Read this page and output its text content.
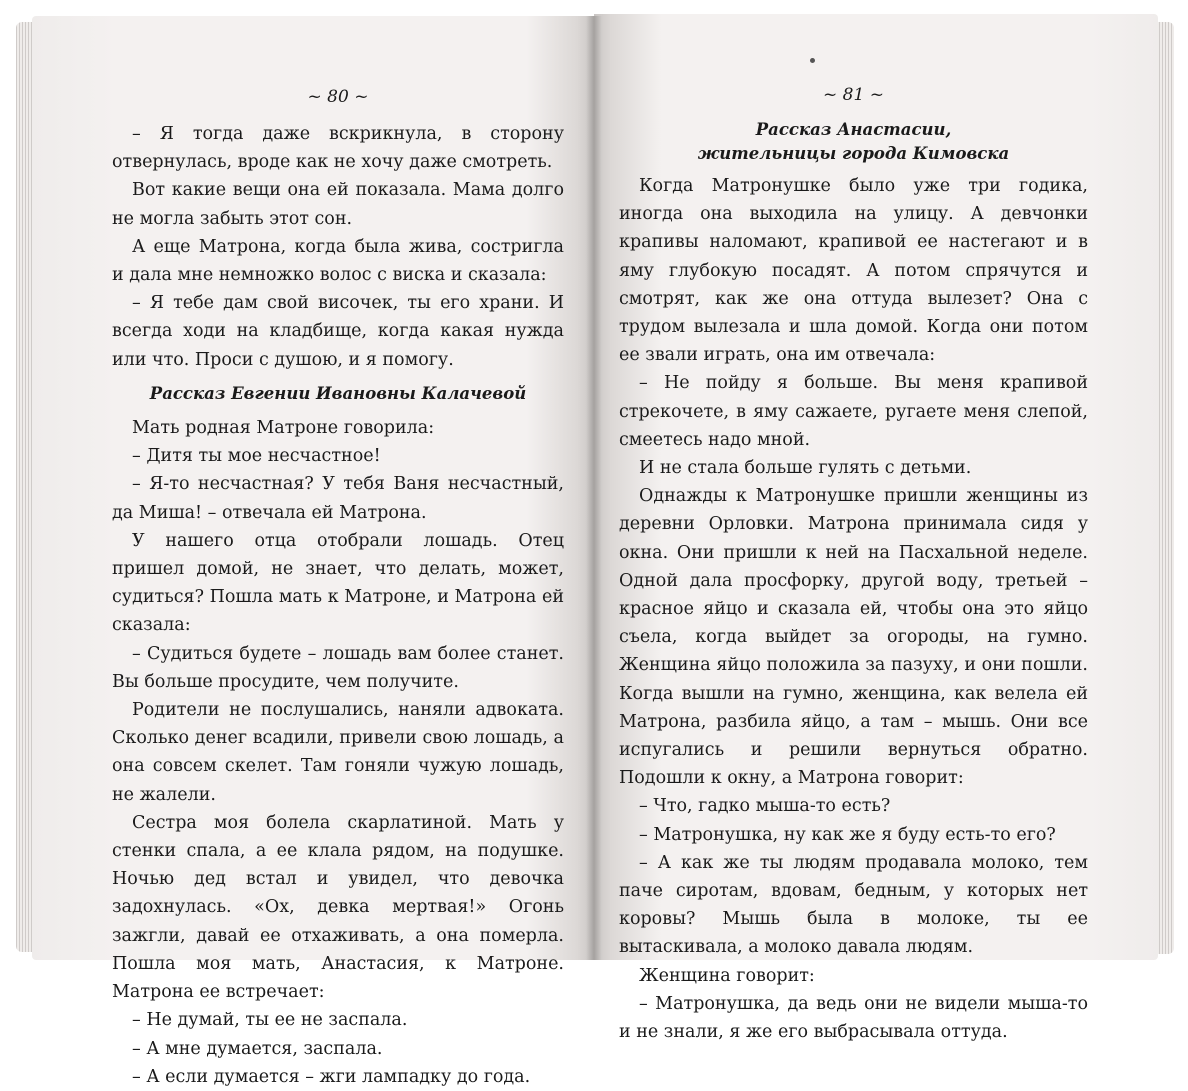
~ 80 ~

– Я тогда даже вскрикнула, в сторону отвернулась, вроде как не хочу даже смотреть.

Вот какие вещи она ей показала. Мама долго не могла забыть этот сон.

А еще Матрона, когда была жива, состригла и дала мне немножко волос с виска и сказала:

– Я тебе дам свой височек, ты его храни. И всегда ходи на кладбище, когда какая нужда или что. Проси с душою, и я помогу.

Рассказ Евгении Ивановны Калачевой

Мать родная Матроне говорила:

– Дитя ты мое несчастное!

– Я-то несчастная? У тебя Ваня несчастный, да Миша! – отвечала ей Матрона.

У нашего отца отобрали лошадь. Отец пришел домой, не знает, что делать, может, судиться? Пошла мать к Матроне, и Матрона ей сказала:

– Судиться будете – лошадь вам более станет. Вы больше просудите, чем получите.

Родители не послушались, наняли адвоката. Сколько денег всадили, привели свою лошадь, а она совсем скелет. Там гоняли чужую лошадь, не жалели.

Сестра моя болела скарлатиной. Мать у стенки спала, а ее клала рядом, на подушке. Ночью дед встал и увидел, что девочка задохнулась. «Ох, девка мертвая!» Огонь зажгли, давай ее отхаживать, а она померла. Пошла моя мать, Анастасия, к Матроне. Матрона ее встречает:

– Не думай, ты ее не заспала.

– А мне думается, заспала.

– А если думается – жги лампадку до года.

~ 81 ~

Рассказ Анастасии,

жительницы города Кимовска

Когда Матронушке было уже три годика, иногда она выходила на улицу. А девчонки крапивы наломают, крапивой ее настегают и в яму глубокую посадят. А потом спрячутся и смотрят, как же она оттуда вылезет? Она с трудом вылезала и шла домой. Когда они потом ее звали играть, она им отвечала:

– Не пойду я больше. Вы меня крапивой стрекочете, в яму сажаете, ругаете меня слепой, смеетесь надо мной.

И не стала больше гулять с детьми.

Однажды к Матронушке пришли женщины из деревни Орловки. Матрона принимала сидя у окна. Они пришли к ней на Пасхальной неделе. Одной дала просфорку, другой воду, третьей – красное яйцо и сказала ей, чтобы она это яйцо съела, когда выйдет за огороды, на гумно. Женщина яйцо положила за пазуху, и они пошли. Когда вышли на гумно, женщина, как велела ей Матрона, разбила яйцо, а там – мышь. Они все испугались и решили вернуться обратно. Подошли к окну, а Матрона говорит:

– Что, гадко мыша-то есть?

– Матронушка, ну как же я буду есть-то его?

– А как же ты людям продавала молоко, тем паче сиротам, вдовам, бедным, у которых нет коровы? Мышь была в молоке, ты ее вытаскивала, а молоко давала людям.

Женщина говорит:

– Матронушка, да ведь они не видели мыша-то и не знали, я же его выбрасывала оттуда.
